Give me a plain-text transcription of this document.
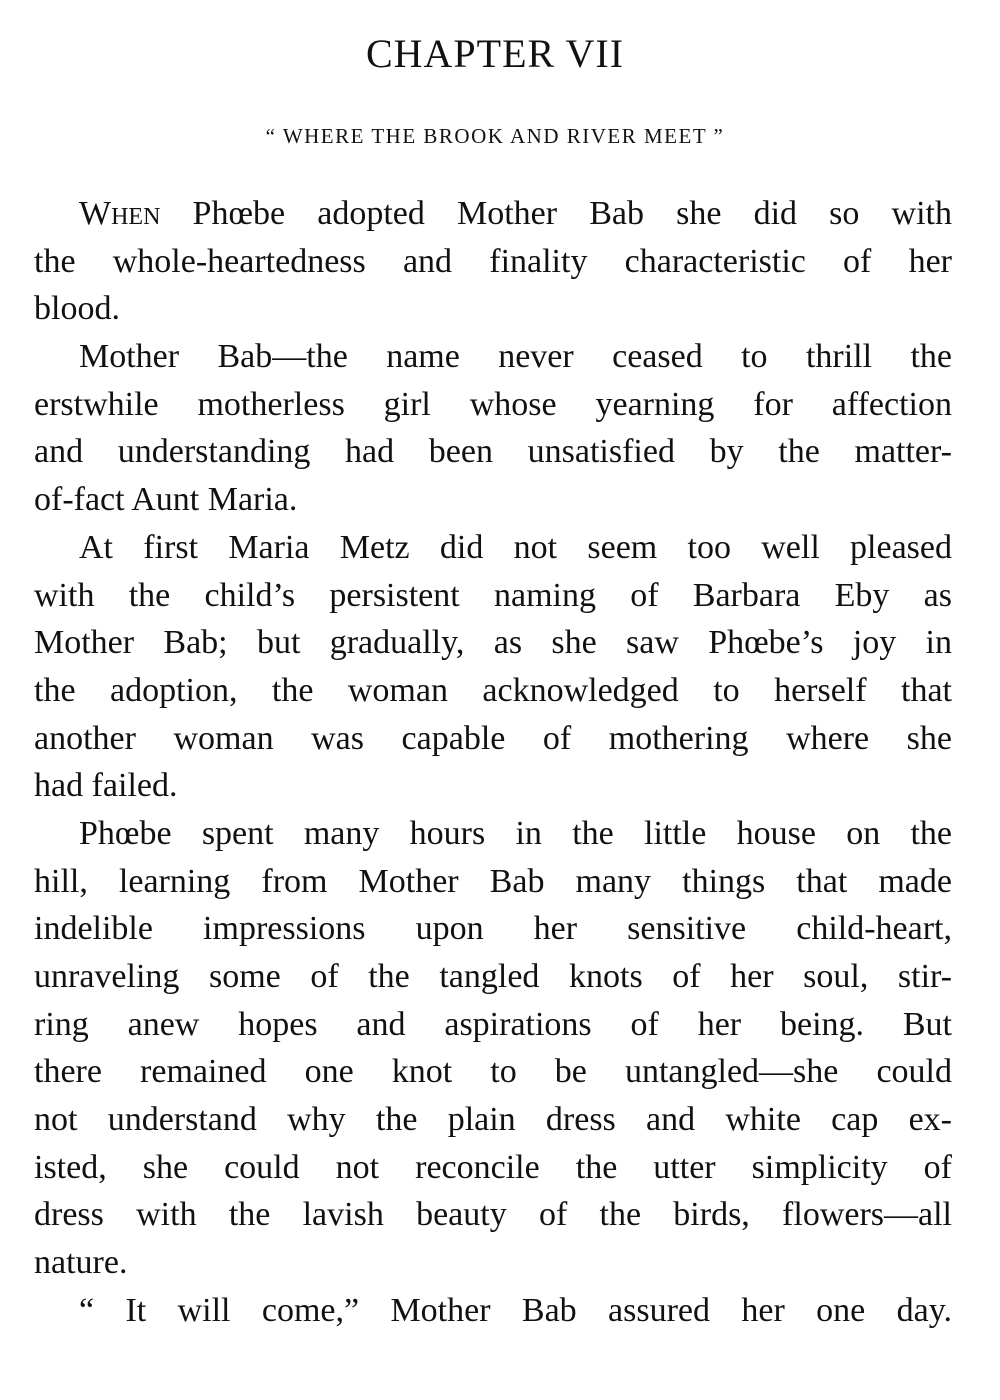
CHAPTER VII
“ WHERE THE BROOK AND RIVER MEET ”
When Phœbe adopted Mother Bab she did so with
the whole-heartedness and finality characteristic of her
blood.
Mother Bab—the name never ceased to thrill the
erstwhile motherless girl whose yearning for affection
and understanding had been unsatisfied by the matter-
of-fact Aunt Maria.
At first Maria Metz did not seem too well pleased
with the child’s persistent naming of Barbara Eby as
Mother Bab; but gradually, as she saw Phœbe’s joy in
the adoption, the woman acknowledged to herself that
another woman was capable of mothering where she
had failed.
Phœbe spent many hours in the little house on the
hill, learning from Mother Bab many things that made
indelible impressions upon her sensitive child-heart,
unraveling some of the tangled knots of her soul, stir-
ring anew hopes and aspirations of her being. But
there remained one knot to be untangled—she could
not understand why the plain dress and white cap ex-
isted, she could not reconcile the utter simplicity of
dress with the lavish beauty of the birds, flowers—all
nature.
“ It will come,” Mother Bab assured her one day.
